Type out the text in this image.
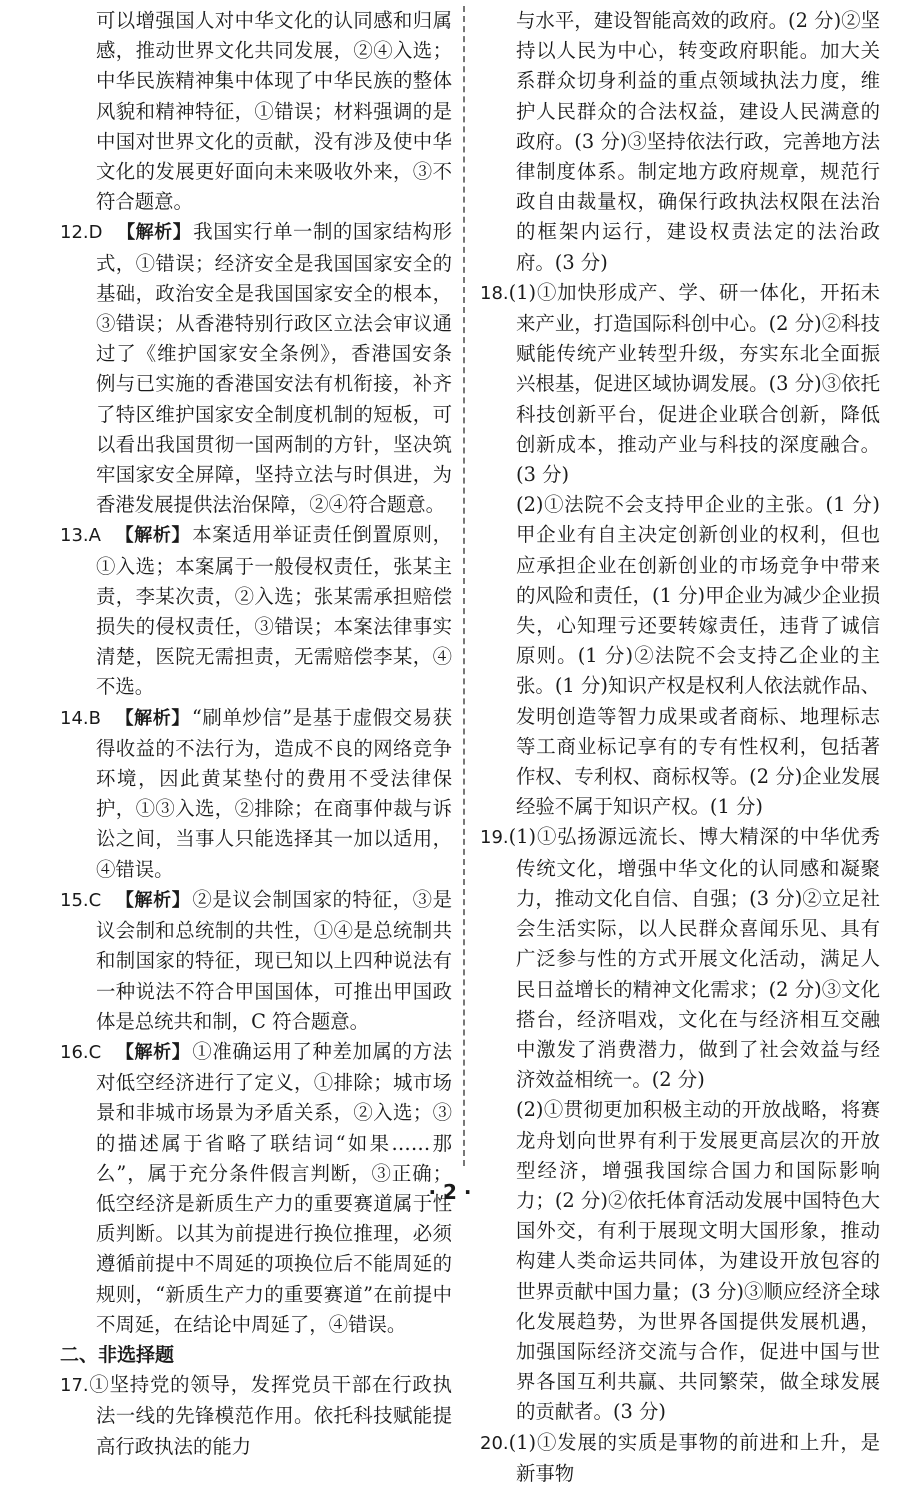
可以增强国人对中华文化的认同感和归属感，推动世界文化共同发展，②④入选；中华民族精神集中体现了中华民族的整体风貌和精神特征，①错误；材料强调的是中国对世界文化的贡献，没有涉及使中华文化的发展更好面向未来吸收外来，③不符合题意。

12.D 【解析】 我国实行单一制的国家结构形式，①错误；经济安全是我国国家安全的基础，政治安全是我国国家安全的根本，③错误；从香港特别行政区立法会审议通过了《维护国家安全条例》，香港国安条例与已实施的香港国安法有机衔接，补齐了特区维护国家安全制度机制的短板，可以看出我国贯彻一国两制的方针，坚决筑牢国家安全屏障，坚持立法与时俱进，为香港发展提供法治保障，②④符合题意。

13.A 【解析】 本案适用举证责任倒置原则，①入选；本案属于一般侵权责任，张某主责，李某次责，②入选；张某需承担赔偿损失的侵权责任，③错误；本案法律事实清楚，医院无需担责，无需赔偿李某，④不选。

14.B 【解析】 “刷单炒信”是基于虚假交易获得收益的不法行为，造成不良的网络竞争环境，因此黄某垫付的费用不受法律保护，①③入选，②排除；在商事仲裁与诉讼之间，当事人只能选择其一加以适用，④错误。

15.C 【解析】 ②是议会制国家的特征，③是议会制和总统制的共性，①④是总统制共和制国家的特征，现已知以上四种说法有一种说法不符合甲国国体，可推出甲国政体是总统共和制，C 符合题意。

16.C 【解析】 ①准确运用了种差加属的方法对低空经济进行了定义，①排除；城市场景和非城市场景为矛盾关系，②入选；③的描述属于省略了联结词“如果……那么”，属于充分条件假言判断，③正确；低空经济是新质生产力的重要赛道属于性质判断。以其为前提进行换位推理，必须遵循前提中不周延的项换位后不能周延的规则，“新质生产力的重要赛道”在前提中不周延，在结论中周延了，④错误。

二、非选择题

17.①坚持党的领导，发挥党员干部在行政执法一线的先锋模范作用。依托科技赋能提高行政执法的能力

与水平，建设智能高效的政府。(2 分)②坚持以人民为中心，转变政府职能。加大关系群众切身利益的重点领域执法力度，维护人民群众的合法权益，建设人民满意的政府。(3 分)③坚持依法行政，完善地方法律制度体系。制定地方政府规章，规范行政自由裁量权，确保行政执法权限在法治的框架内运行，建设权责法定的法治政府。(3 分)

18.(1)①加快形成产、学、研一体化，开拓未来产业，打造国际科创中心。(2 分)②科技赋能传统产业转型升级，夯实东北全面振兴根基，促进区域协调发展。(3 分)③依托科技创新平台，促进企业联合创新，降低创新成本，推动产业与科技的深度融合。(3 分)

(2)①法院不会支持甲企业的主张。(1 分)甲企业有自主决定创新创业的权利，但也应承担企业在创新创业的市场竞争中带来的风险和责任，(1 分)甲企业为减少企业损失，心知理亏还要转嫁责任，违背了诚信原则。(1 分)②法院不会支持乙企业的主张。(1 分)知识产权是权利人依法就作品、发明创造等智力成果或者商标、地理标志等工商业标记享有的专有性权利，包括著作权、专利权、商标权等。(2 分)企业发展经验不属于知识产权。(1 分)

19.(1)①弘扬源远流长、博大精深的中华优秀传统文化，增强中华文化的认同感和凝聚力，推动文化自信、自强；(3 分)②立足社会生活实际，以人民群众喜闻乐见、具有广泛参与性的方式开展文化活动，满足人民日益增长的精神文化需求；(2 分)③文化搭台，经济唱戏，文化在与经济相互交融中激发了消费潜力，做到了社会效益与经济效益相统一。(2 分)

(2)①贯彻更加积极主动的开放战略，将赛龙舟划向世界有利于发展更高层次的开放型经济，增强我国综合国力和国际影响力；(2 分)②依托体育活动发展中国特色大国外交，有利于展现文明大国形象，推动构建人类命运共同体，为建设开放包容的世界贡献中国力量；(3 分)③顺应经济全球化发展趋势，为世界各国提供发展机遇，加强国际经济交流与合作，促进中国与世界各国互利共赢、共同繁荣，做全球发展的贡献者。(3 分)

20.(1)①发展的实质是事物的前进和上升，是新事物

· 2 ·
